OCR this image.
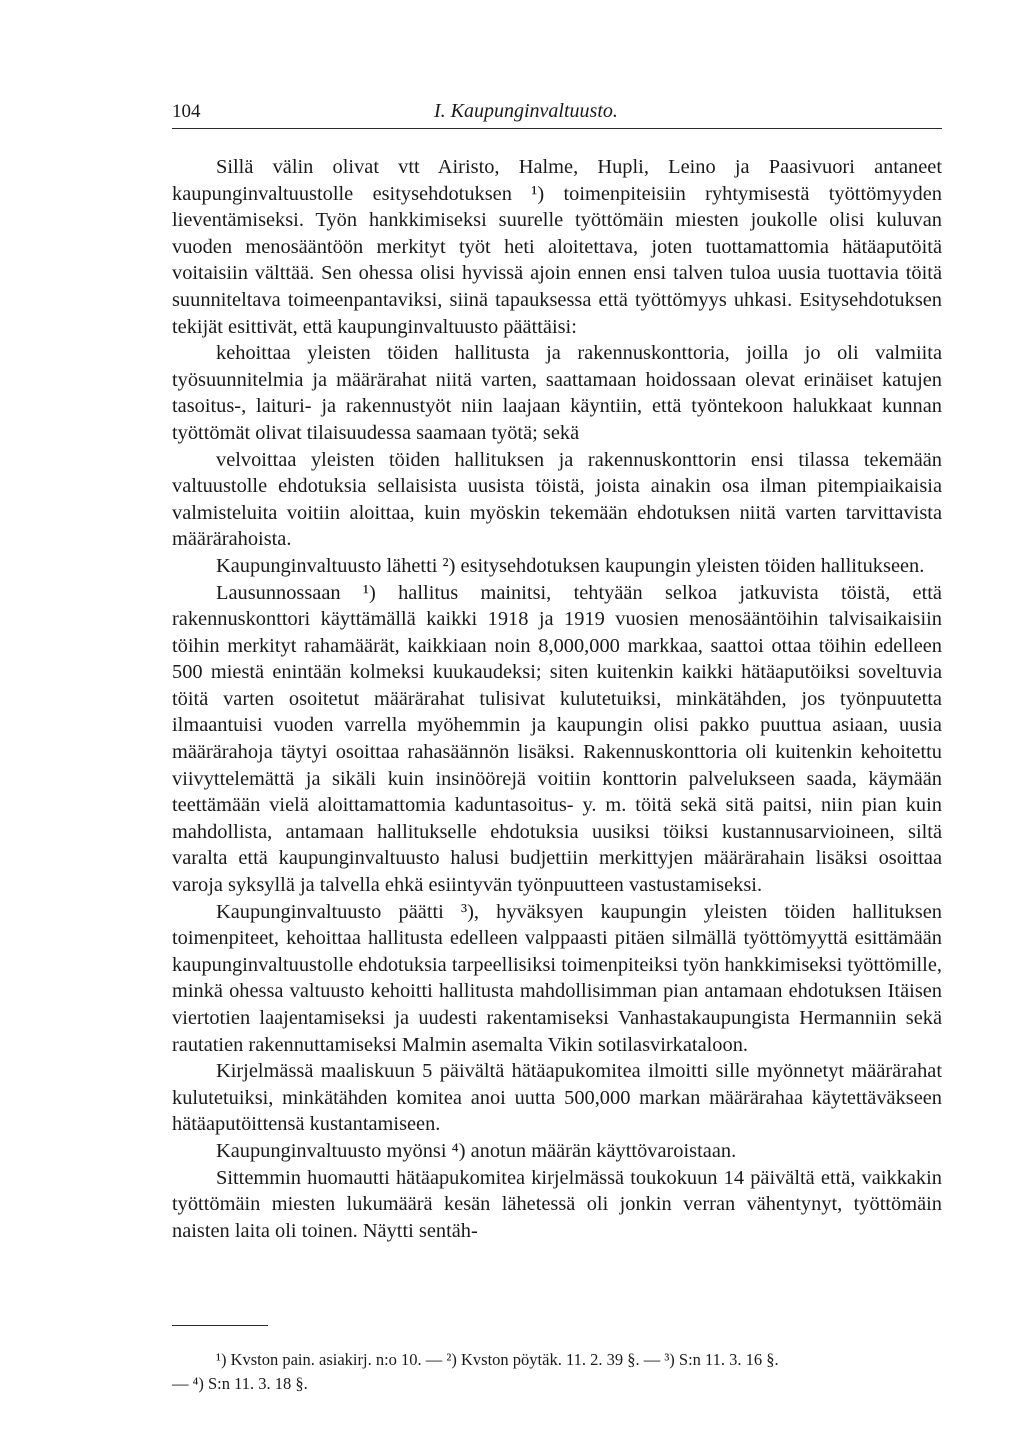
104	I. Kaupunginvaltuusto.

Sillä välin olivat vtt Airisto, Halme, Hupli, Leino ja Paasivuori antaneet kaupunginvaltuustolle esitysehdotuksen ¹) toimenpiteisiin ryhtymisestä työttömyyden lieventämiseksi. Työn hankkimiseksi suurelle työttömäin miesten joukolle olisi kuluvan vuoden menosääntöön merkityt työt heti aloitettava, joten tuottamattomia hätäaputöitä voitaisiin välttää. Sen ohessa olisi hyvissä ajoin ennen ensi talven tuloa uusia tuottavia töitä suunniteltava toimeenpantaviksi, siinä tapauksessa että työttömyys uhkasi. Esitysehdotuksen tekijät esittivät, että kaupunginvaltuusto päättäisi:

kehoittaa yleisten töiden hallitusta ja rakennuskonttoria, joilla jo oli valmiita työsuunnitelmia ja määrärahat niitä varten, saattamaan hoidossaan olevat erinäiset katujen tasoitus-, laituri- ja rakennustyöt niin laajaan käyntiin, että työntekoon halukkaat kunnan työttömät olivat tilaisuudessa saamaan työtä; sekä

velvoittaa yleisten töiden hallituksen ja rakennuskonttorin ensi tilassa tekemään valtuustolle ehdotuksia sellaisista uusista töistä, joista ainakin osa ilman pitempiaikaisia valmisteluita voitiin aloittaa, kuin myöskin tekemään ehdotuksen niitä varten tarvittavista määrärahoista.

Kaupunginvaltuusto lähetti ²) esitysehdotuksen kaupungin yleisten töiden hallitukseen.

Lausunnossaan ¹) hallitus mainitsi, tehtyään selkoa jatkuvista töistä, että rakennuskonttori käyttämällä kaikki 1918 ja 1919 vuosien menosääntöihin talvisaikaisiin töihin merkityt rahamäärät, kaikkiaan noin 8,000,000 markkaa, saattoi ottaa töihin edelleen 500 miestä enintään kolmeksi kuukaudeksi; siten kuitenkin kaikki hätäaputöiksi soveltuvia töitä varten osoitetut määrärahat tulisivat kulutetuiksi, minkätähden, jos työnpuutetta ilmaantuisi vuoden varrella myöhemmin ja kaupungin olisi pakko puuttua asiaan, uusia määrärahoja täytyi osoittaa rahasäännön lisäksi. Rakennuskonttoria oli kuitenkin kehoitettu viivyttelemättä ja sikäli kuin insinöörejä voitiin konttorin palvelukseen saada, käymään teettämään vielä aloittamattomia kaduntasoitus- y. m. töitä sekä sitä paitsi, niin pian kuin mahdollista, antamaan hallitukselle ehdotuksia uusiksi töiksi kustannusarvioineen, siltä varalta että kaupunginvaltuusto halusi budjettiin merkittyjen määrärahain lisäksi osoittaa varoja syksyllä ja talvella ehkä esiintyvän työnpuutteen vastustamiseksi.

Kaupunginvaltuusto päätti ³), hyväksyen kaupungin yleisten töiden hallituksen toimenpiteet, kehoittaa hallitusta edelleen valppaasti pitäen silmällä työttömyyttä esittämään kaupunginvaltuustolle ehdotuksia tarpeellisiksi toimenpiteiksi työn hankkimiseksi työttömille, minkä ohessa valtuusto kehoitti hallitusta mahdollisimman pian antamaan ehdotuksen Itäisen viertotien laajentamiseksi ja uudesti rakentamiseksi Vanhastakaupungista Hermanniin sekä rautatien rakennuttamiseksi Malmin asemalta Vikin sotilasvirkataloon.

Kirjelmässä maaliskuun 5 päivältä hätäapukomitea ilmoitti sille myönnetyt määrärahat kulutetuiksi, minkätähden komitea anoi uutta 500,000 markan määrärahaa käytettäväkseen hätäaputöittensä kustantamiseen.

Kaupunginvaltuusto myönsi ⁴) anotun määrän käyttövaroistaan.

Sittemmin huomautti hätäapukomitea kirjelmässä toukokuun 14 päivältä että, vaikkakin työttömäin miesten lukumäärä kesän lähetessä oli jonkin verran vähentynyt, työttömäin naisten laita oli toinen. Näytti sentäh-

¹) Kvston pain. asiakirj. n:o 10. — ²) Kvston pöytäk. 11. 2. 39 §. — ³) S:n 11. 3. 16 §.
— ⁴) S:n 11. 3. 18 §.
